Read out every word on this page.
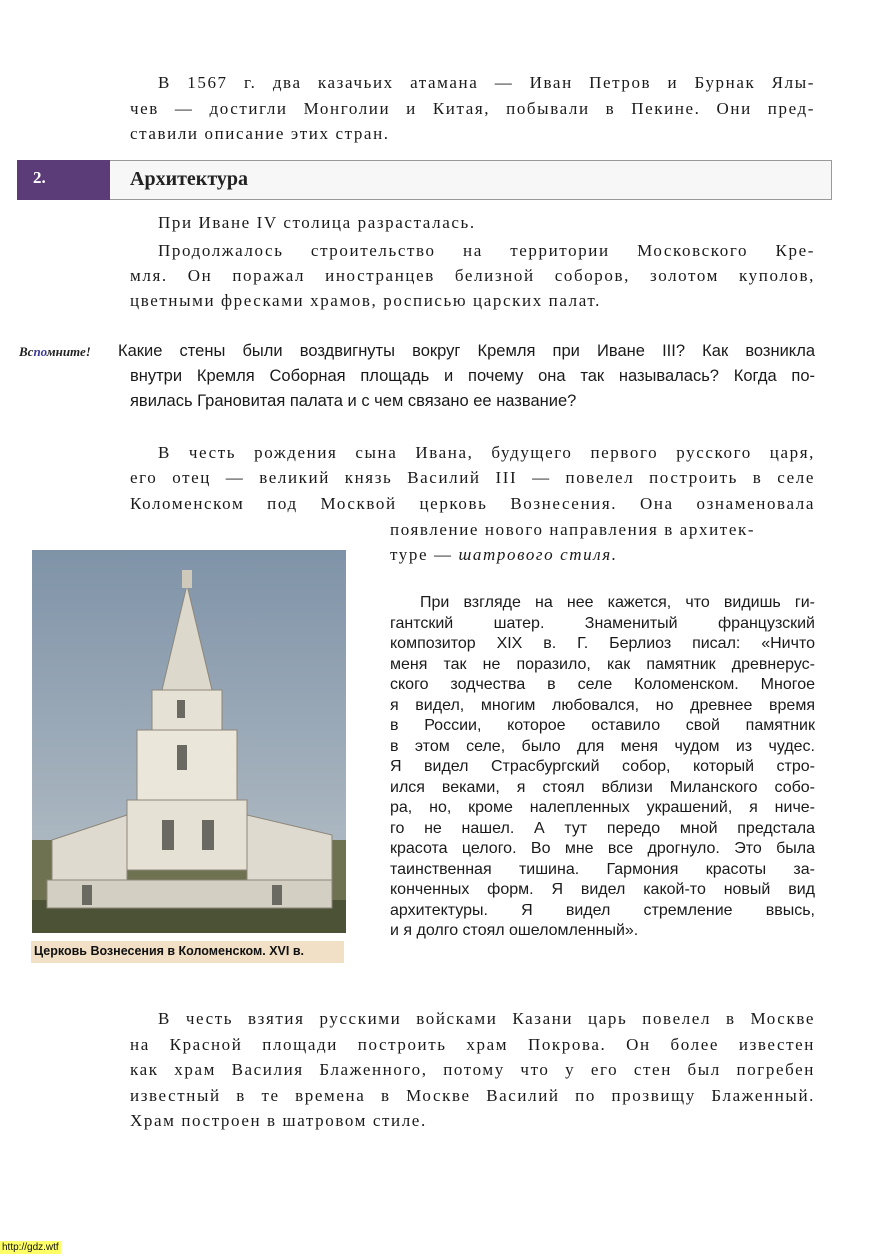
В 1567 г. два казачьих атамана — Иван Петров и Бурнак Ялы-
чев — достигли Монголии и Китая, побывали в Пекине. Они пред-
ставили описание этих стран.
При Иване IV столица разрасталась.
Продолжалось строительство на территории Московского Кре-
мля. Он поражал иностранцев белизной соборов, золотом куполов,
цветными фресками храмов, росписью царских палат.
Какие стены были воздвигнуты вокруг Кремля при Иване III? Как возникла
внутри Кремля Соборная площадь и почему она так называлась? Когда по-
явилась Грановитая палата и с чем связано ее название?
В честь рождения сына Ивана, будущего первого русского царя,
его отец — великий князь Василий III — повелел построить в селе
Коломенском под Москвой церковь Вознесения. Она ознаменовала
появление нового направления в архитек-
При взгляде на нее кажется, что видишь ги-
гантский шатер. Знаменитый французский
композитор XIX в. Г. Берлиоз писал: «Ничто
меня так не поразило, как памятник древнерус-
ского зодчества в селе Коломенском. Многое
я видел, многим любовался, но древнее время
в России, которое оставило свой памятник
в этом селе, было для меня чудом из чудес.
Я видел Страсбургский собор, который стро-
ился веками, я стоял вблизи Миланского собо-
ра, но, кроме налепленных украшений, я ниче-
го не нашел. А тут передо мной предстала
красота целого. Во мне все дрогнуло. Это была
таинственная тишина. Гармония красоты за-
конченных форм. Я видел какой-то новый вид
архитектуры. Я видел стремление ввысь,
и я долго стоял ошеломленный».
В честь взятия русскими войсками Казани царь повелел в Москве
на Красной площади построить храм Покрова. Он более известен
как храм Василия Блаженного, потому что у его стен был погребен
известный в те времена в Москве Василий по прозвищу Блаженный.
Храм построен в шатровом стиле.
2.	Архитектура
Вспомните!
туре — шатрового стиля.
Церковь Вознесения в Коломенском. XVI в.
http://gdz.wtf
